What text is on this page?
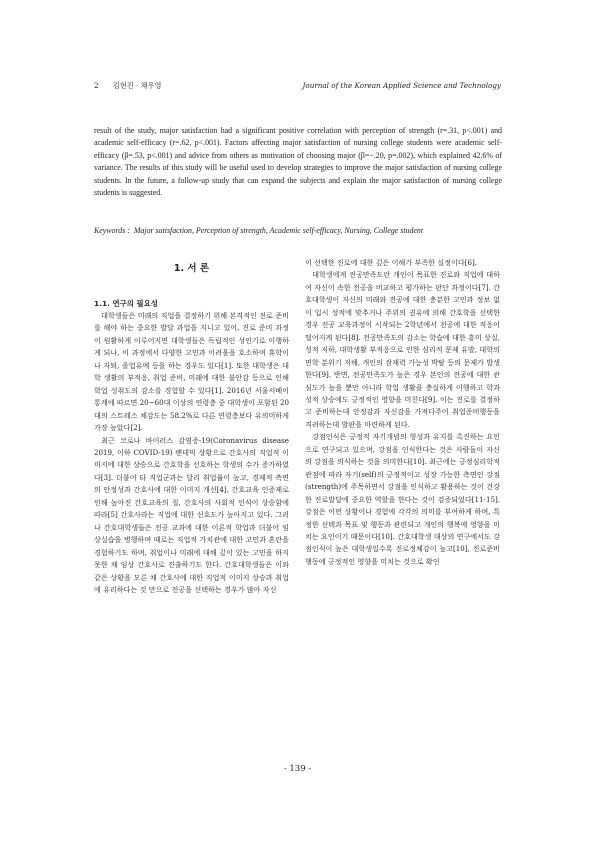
2 김현진 · 채우영	Journal of the Korean Applied Science and Technology

result of the study, major satisfaction had a significant positive correlation with perception of strength (r=.31, p<.001) and academic self-efficacy (r=.62, p<.001). Factors affecting major satisfaction of nursing college students were academic self-efficacy (β=.53, p<.001) and advice from others as motivation of choosing major (β=−.20, p=.002), which explained 42.6% of variance. The results of this study will be useful used to develop strategies to improve the major satisfaction of nursing college students. In the future, a follow-up study that can expand the subjects and explain the major satisfaction of nursing college students is suggested.

Keywords : Major satisfaction, Perception of strength, Academic self-efficacy, Nursing, College student
1. 서 론
1.1. 연구의 필요성

대학생들은 미래의 직업을 결정하기 위해 본격적인 진로 준비를 해야 하는 중요한 발달 과업을 지니고 있어, 진로 준비 과정이 원활하게 이루어지면 대학생들은 독립적인 성인기로 이행하게 되나, 이 과정에서 다양한 고민과 어려움을 호소하며 휴학이나 자퇴, 졸업유예 등을 하는 경우도 있다[1]. 또한 대학생은 대학 생활의 부적응, 취업 준비, 미래에 대한 불안감 등으로 인해 학업 성취도의 감소를 경험할 수 있다[1]. 2016년 서울서베이 통계에 따르면 20~60대 이상의 연령층 중 대학생이 포함된 20대의 스트레스 체감도는 58.2%로 다른 연령층보다 유의미하게 가장 높았다[2].

최근 코로나 바이러스 감염증-19(Coronavirus disease 2019, 이하 COVID-19) 팬데믹 상황으로 간호사의 직업적 이미지에 대한 상승으로 간호학을 선호하는 학생의 수가 증가하였다[3]. 더불어 타 직업군과는 달리 취업률이 높고, 경제적 측면의 안정성과 간호사에 대한 이미지 개선[4], 간호교육 인증제로 인해 높아진 간호교육의 질, 간호사의 사회적 인식이 상승함에 따라[5] 간호사라는 직업에 대한 선호도가 높아지고 있다. 그러나 간호대학생들은 전공 교과에 대한 이론적 학업과 더불어 임상실습을 병행하며 때로는 직업적 가치관에 대한 고민과 혼란을 경험하기도 하며, 취업이나 미래에 대해 깊이 있는 고민을 하지 못한 채 임상 간호사로 진출하기도 한다. 간호대학생들은 이와 같은 상황을 모른 채 간호사에 대한 직업적 이미지 상승과 취업에 유리하다는 것 만으로 전공을 선택하는 경우가 많아 자신

이 선택한 진로에 대한 깊은 이해가 부족한 실정이다[6].

대학생에게 전공만족도란 개인이 목표한 진로와 직업에 대하여 자신이 속한 전공을 비교하고 평가하는 판단 과정이다[7]. 간호대학생이 자신의 미래와 전공에 대한 충분한 고민과 정보 없이 입시 성적에 맞추거나 주위의 권유에 의해 간호학을 선택한 경우 전공 교육과정이 시작되는 2학년에서 전공에 대한 적응이 떨어지게 된다[8]. 전공만족도의 감소는 학습에 대한 흥미 상실, 성적 저하, 대학생활 부적응으로 인한 심리적 문제 유발, 대학의 면학 분위기 저해, 개인의 잠재력 가능성 박탈 등의 문제가 발생한다[9]. 반면, 전공만족도가 높은 경우 본인의 전공에 대한 관심도가 높을 뿐만 아니라 학업 생활을 충실하게 이행하고 학과 성적 상승에도 긍정적인 영향을 미친다[9]. 이는 진로를 결정하고 준비하는데 안정감과 자신감을 가져다주어 취업준비행동을 격려하는데 발판을 마련하게 된다.

강점인식은 긍정적 자기개념의 형성과 유지를 촉진하는 요인으로 연구되고 있으며, 강점을 인식한다는 것은 사람들이 자신의 강점을 의식하는 것을 의미한다[10]. 최근에는 긍정심리학적 관점에 따라 자기(self)의 긍정적이고 성장 가능한 측면인 강점(strength)에 주목하면서 강점을 인식하고 활용하는 것이 건강한 진로발달에 중요한 역할을 한다는 것이 검증되었다[11-15]. 강점은 어떤 상황이나 경험에 각각의 의미를 부여하게 하며, 특정한 선택과 목표 및 행동과 관련되고 개인의 행복에 영향을 미치는 요인이기 때문이다[10]. 간호대학생 대상의 연구에서도 강점인식이 높은 대학생일수록 진로정체감이 높고[10], 진로준비행동에 긍정적인 영향을 미치는 것으로 확인

- 139 -
